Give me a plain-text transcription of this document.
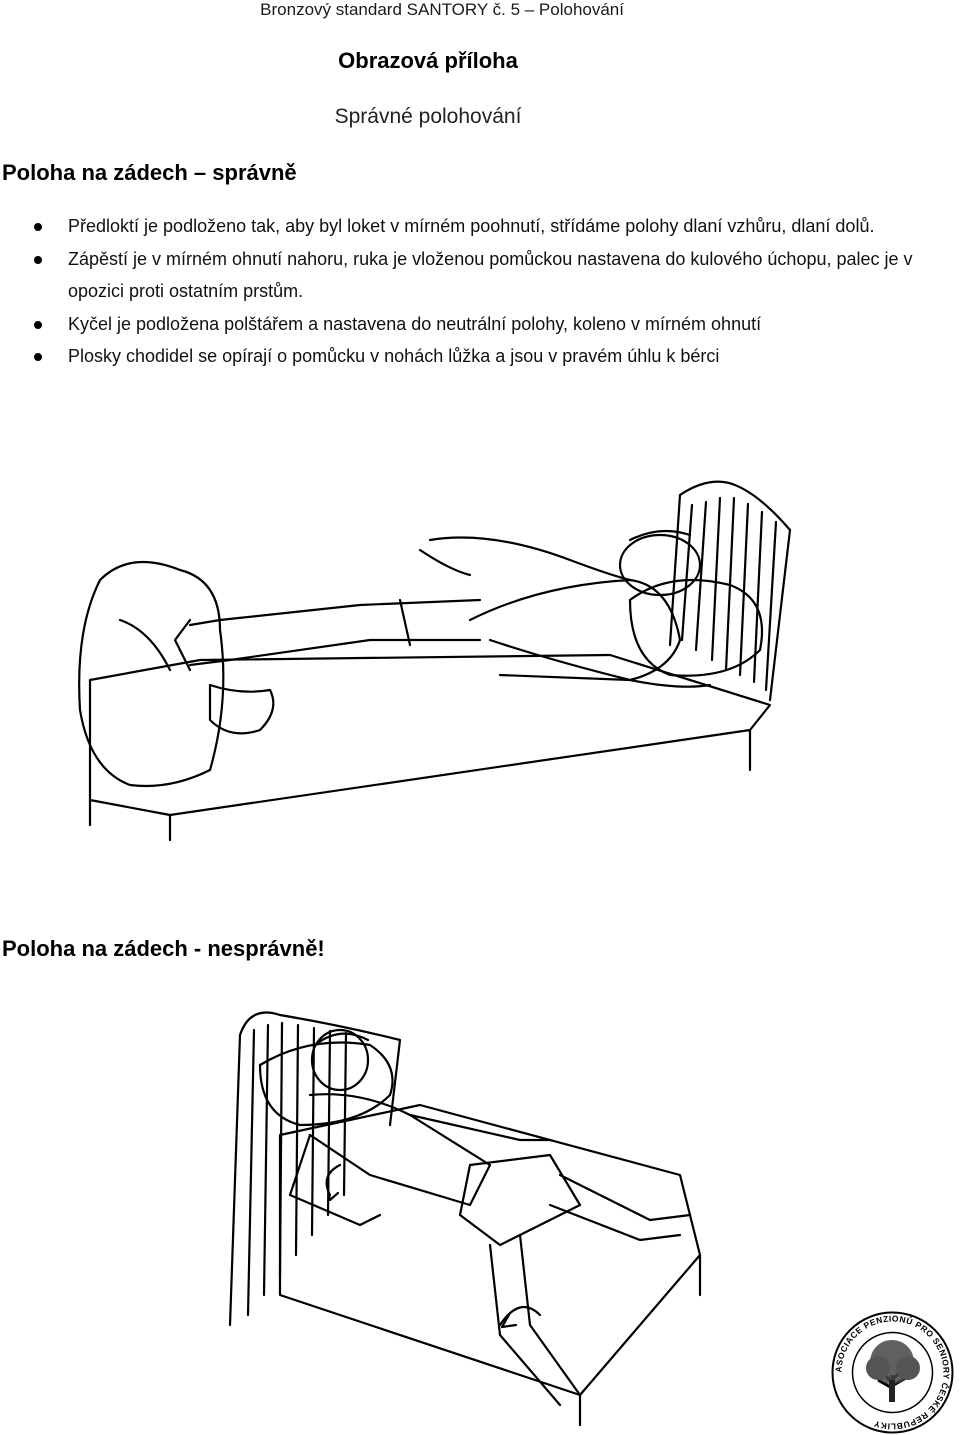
Bronzový standard SANTORY č. 5 – Polohování
Obrazová příloha
Správné polohování
Poloha na zádech – správně
Předloktí je podloženo tak, aby byl loket v mírném poohnutí, střídáme polohy dlaní vzhůru, dlaní dolů.
Zápěstí je v mírném ohnutí nahoru, ruka je vloženou pomůckou nastavena do kulového úchopu, palec je v opozici proti ostatním prstům.
Kyčel je podložena polštářem a nastavena do neutrální polohy, koleno v mírném ohnutí
Plosky chodidel se opírají o pomůcku v nohách lůžka a jsou v pravém úhlu k bérci
Poloha na zádech - nesprávně!
ASOCIACE PENZIONŮ PRO SENIORY ČESKÉ REPUBLIKY
